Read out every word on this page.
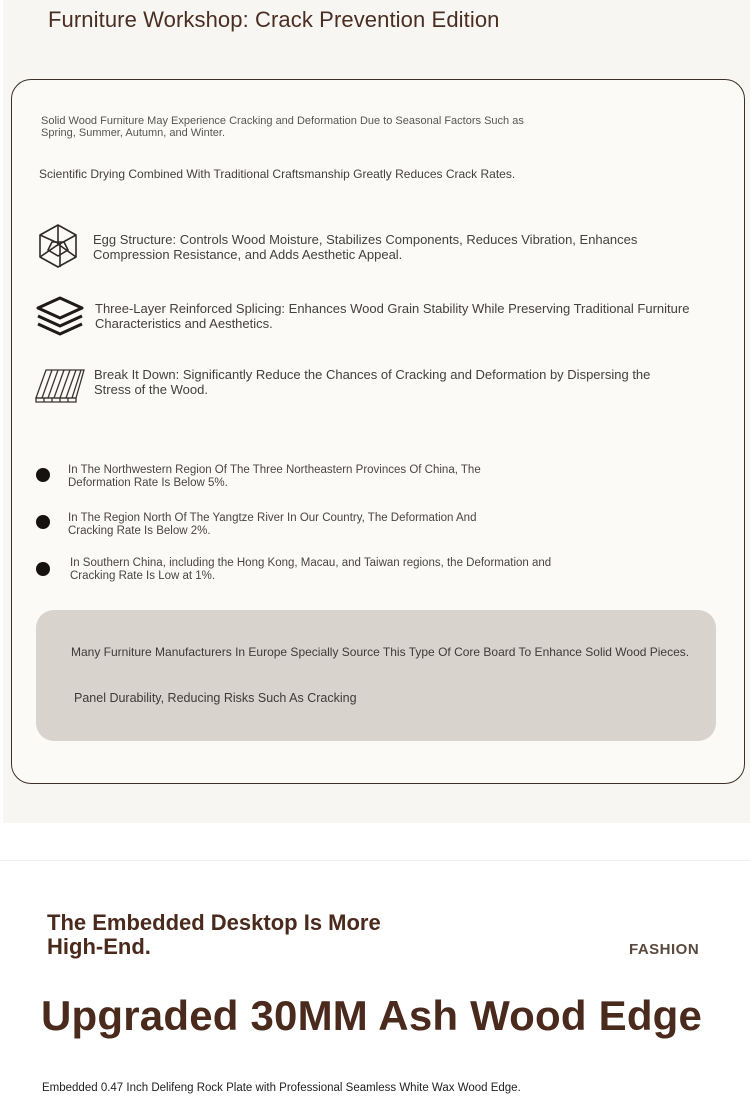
Furniture Workshop: Crack Prevention Edition

Solid Wood Furniture May Experience Cracking and Deformation Due to Seasonal Factors Such as Spring, Summer, Autumn, and Winter.

Scientific Drying Combined With Traditional Craftsmanship Greatly Reduces Crack Rates.

Egg Structure: Controls Wood Moisture, Stabilizes Components, Reduces Vibration, Enhances Compression Resistance, and Adds Aesthetic Appeal.

Three-Layer Reinforced Splicing: Enhances Wood Grain Stability While Preserving Traditional Furniture Characteristics and Aesthetics.

Break It Down: Significantly Reduce the Chances of Cracking and Deformation by Dispersing the Stress of the Wood.

In The Northwestern Region Of The Three Northeastern Provinces Of China, The Deformation Rate Is Below 5%.

In The Region North Of The Yangtze River In Our Country, The Deformation And Cracking Rate Is Below 2%.

In Southern China, including the Hong Kong, Macau, and Taiwan regions, the Deformation and Cracking Rate Is Low at 1%.

Many Furniture Manufacturers In Europe Specially Source This Type Of Core Board To Enhance Solid Wood Pieces.

Panel Durability, Reducing Risks Such As Cracking

The Embedded Desktop Is More High-End.	FASHION
Upgraded 30MM Ash Wood Edge

Embedded 0.47 Inch Delifeng Rock Plate with Professional Seamless White Wax Wood Edge.
